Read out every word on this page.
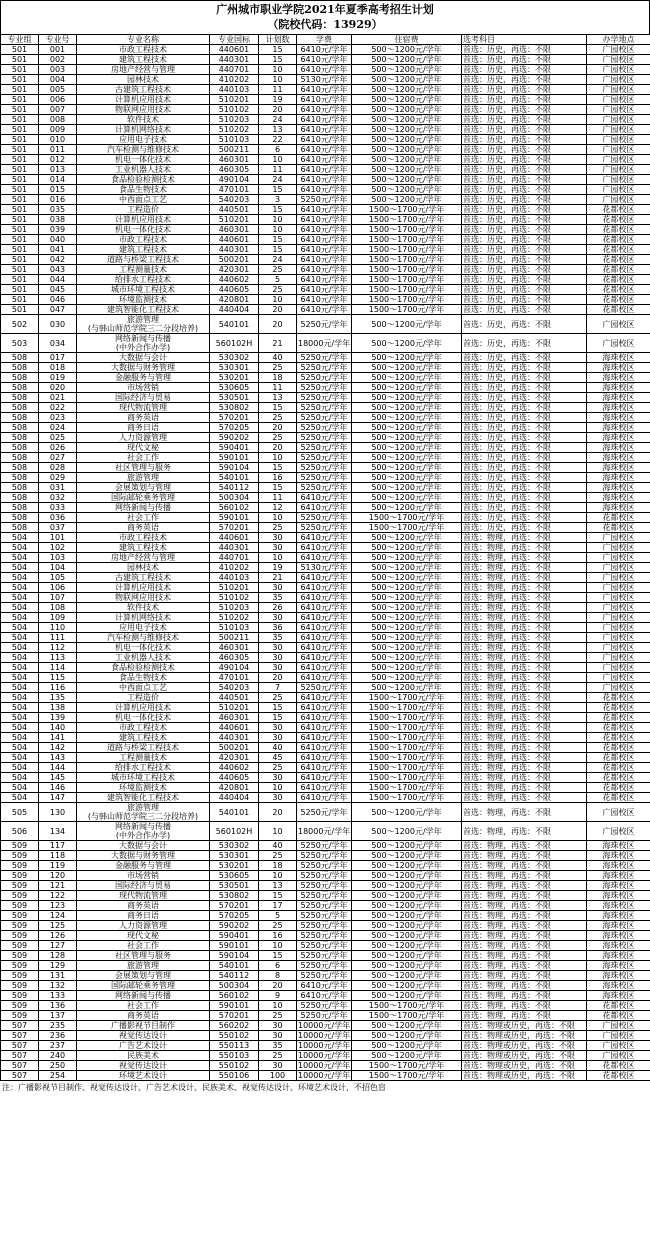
广州城市职业学院2021年夏季高考招生计划
（院校代码：13929）
专业组	专业号	专业名称	专业国标	计划数	学费	住宿费	选考科目	办学地点
501	001	市政工程技术	440601	15	6410元/学年	500～1200元/学年	首选：历史，再选：不限	广园校区
501	002	建筑工程技术	440301	15	6410元/学年	500～1200元/学年	首选：历史，再选：不限	广园校区
501	003	房地产经营与管理	440701	10	6410元/学年	500～1200元/学年	首选：历史，再选：不限	广园校区
501	004	园林技术	410202	10	5130元/学年	500～1200元/学年	首选：历史，再选：不限	广园校区
501	005	古建筑工程技术	440103	11	6410元/学年	500～1200元/学年	首选：历史，再选：不限	广园校区
501	006	计算机应用技术	510201	19	6410元/学年	500～1200元/学年	首选：历史，再选：不限	广园校区
501	007	物联网应用技术	510102	20	6410元/学年	500～1200元/学年	首选：历史，再选：不限	广园校区
501	008	软件技术	510203	24	6410元/学年	500～1200元/学年	首选：历史，再选：不限	广园校区
501	009	计算机网络技术	510202	13	6410元/学年	500～1200元/学年	首选：历史，再选：不限	广园校区
501	010	应用电子技术	510103	22	6410元/学年	500～1200元/学年	首选：历史，再选：不限	广园校区
501	011	汽车检测与维修技术	500211	6	6410元/学年	500～1200元/学年	首选：历史，再选：不限	广园校区
501	012	机电一体化技术	460301	10	6410元/学年	500～1200元/学年	首选：历史，再选：不限	广园校区
501	013	工业机器人技术	460305	11	6410元/学年	500～1200元/学年	首选：历史，再选：不限	广园校区
501	014	食品检验检测技术	490104	24	6410元/学年	500～1200元/学年	首选：历史，再选：不限	广园校区
501	015	食品生物技术	470101	15	6410元/学年	500～1200元/学年	首选：历史，再选：不限	广园校区
501	016	中西面点工艺	540203	3	5250元/学年	500～1200元/学年	首选：历史，再选：不限	广园校区
501	035	工程造价	440501	15	6410元/学年	1500～1700元/学年	首选：历史，再选：不限	花都校区
501	038	计算机应用技术	510201	10	6410元/学年	1500～1700元/学年	首选：历史，再选：不限	花都校区
501	039	机电一体化技术	460301	10	6410元/学年	1500～1700元/学年	首选：历史，再选：不限	花都校区
501	040	市政工程技术	440601	15	6410元/学年	1500～1700元/学年	首选：历史，再选：不限	花都校区
501	041	建筑工程技术	440301	15	6410元/学年	1500～1700元/学年	首选：历史，再选：不限	花都校区
501	042	道路与桥梁工程技术	500201	24	6410元/学年	1500～1700元/学年	首选：历史，再选：不限	花都校区
501	043	工程测量技术	420301	25	6410元/学年	1500～1700元/学年	首选：历史，再选：不限	花都校区
501	044	给排水工程技术	440602	5	6410元/学年	1500～1700元/学年	首选：历史，再选：不限	花都校区
501	045	城市环境工程技术	440605	25	6410元/学年	1500～1700元/学年	首选：历史，再选：不限	花都校区
501	046	环境监测技术	420801	10	6410元/学年	1500～1700元/学年	首选：历史，再选：不限	花都校区
501	047	建筑智能化工程技术	440404	20	6410元/学年	1500～1700元/学年	首选：历史，再选：不限	花都校区
502	030	旅游管理
(与韩山师范学院三二分段培养)	540101	20	5250元/学年	500～1200元/学年	首选：历史，再选：不限	广园校区
503	034	网络新闻与传播
(中外合作办学)	560102H	21	18000元/学年	500～1200元/学年	首选：历史，再选：不限	广园校区
508	017	大数据与会计	530302	40	5250元/学年	500～1200元/学年	首选：历史，再选：不限	海珠校区
508	018	大数据与财务管理	530301	25	5250元/学年	500～1200元/学年	首选：历史，再选：不限	海珠校区
508	019	金融服务与管理	530201	18	5250元/学年	500～1200元/学年	首选：历史，再选：不限	海珠校区
508	020	市场营销	530605	11	5250元/学年	500～1200元/学年	首选：历史，再选：不限	海珠校区
508	021	国际经济与贸易	530501	13	5250元/学年	500～1200元/学年	首选：历史，再选：不限	海珠校区
508	022	现代物流管理	530802	15	5250元/学年	500～1200元/学年	首选：历史，再选：不限	海珠校区
508	023	商务英语	570201	25	5250元/学年	500～1200元/学年	首选：历史，再选：不限	海珠校区
508	024	商务日语	570205	20	5250元/学年	500～1200元/学年	首选：历史，再选：不限	海珠校区
508	025	人力资源管理	590202	25	5250元/学年	500～1200元/学年	首选：历史，再选：不限	海珠校区
508	026	现代文秘	590401	20	5250元/学年	500～1200元/学年	首选：历史，再选：不限	海珠校区
508	027	社会工作	590101	10	5250元/学年	500～1200元/学年	首选：历史，再选：不限	海珠校区
508	028	社区管理与服务	590104	15	5250元/学年	500～1200元/学年	首选：历史，再选：不限	海珠校区
508	029	旅游管理	540101	16	5250元/学年	500～1200元/学年	首选：历史，再选：不限	海珠校区
508	031	会展策划与管理	540112	15	5250元/学年	500～1200元/学年	首选：历史，再选：不限	海珠校区
508	032	国际邮轮乘务管理	500304	11	6410元/学年	500～1200元/学年	首选：历史，再选：不限	海珠校区
508	033	网络新闻与传播	560102	12	6410元/学年	500～1200元/学年	首选：历史，再选：不限	海珠校区
508	036	社会工作	590101	10	5250元/学年	1500～1700元/学年	首选：历史，再选：不限	花都校区
508	037	商务英语	570201	25	5250元/学年	1500～1700元/学年	首选：历史，再选：不限	花都校区
504	101	市政工程技术	440601	30	6410元/学年	500～1200元/学年	首选：物理，再选：不限	广园校区
504	102	建筑工程技术	440301	30	6410元/学年	500～1200元/学年	首选：物理，再选：不限	广园校区
504	103	房地产经营与管理	440701	10	6410元/学年	500～1200元/学年	首选：物理，再选：不限	广园校区
504	104	园林技术	410202	19	5130元/学年	500～1200元/学年	首选：物理，再选：不限	广园校区
504	105	古建筑工程技术	440103	21	6410元/学年	500～1200元/学年	首选：物理，再选：不限	广园校区
504	106	计算机应用技术	510201	30	6410元/学年	500～1200元/学年	首选：物理，再选：不限	广园校区
504	107	物联网应用技术	510102	35	6410元/学年	500～1200元/学年	首选：物理，再选：不限	广园校区
504	108	软件技术	510203	26	6410元/学年	500～1200元/学年	首选：物理，再选：不限	广园校区
504	109	计算机网络技术	510202	30	6410元/学年	500～1200元/学年	首选：物理，再选：不限	广园校区
504	110	应用电子技术	510103	36	6410元/学年	500～1200元/学年	首选：物理，再选：不限	广园校区
504	111	汽车检测与维修技术	500211	35	6410元/学年	500～1200元/学年	首选：物理，再选：不限	广园校区
504	112	机电一体化技术	460301	30	6410元/学年	500～1200元/学年	首选：物理，再选：不限	广园校区
504	113	工业机器人技术	460305	30	6410元/学年	500～1200元/学年	首选：物理，再选：不限	广园校区
504	114	食品检验检测技术	490104	30	6410元/学年	500～1200元/学年	首选：物理，再选：不限	广园校区
504	115	食品生物技术	470101	20	6410元/学年	500～1200元/学年	首选：物理，再选：不限	广园校区
504	116	中西面点工艺	540203	7	5250元/学年	500～1200元/学年	首选：物理，再选：不限	广园校区
504	135	工程造价	440501	25	6410元/学年	1500～1700元/学年	首选：物理，再选：不限	花都校区
504	138	计算机应用技术	510201	15	6410元/学年	1500～1700元/学年	首选：物理，再选：不限	花都校区
504	139	机电一体化技术	460301	15	6410元/学年	1500～1700元/学年	首选：物理，再选：不限	花都校区
504	140	市政工程技术	440601	30	6410元/学年	1500～1700元/学年	首选：物理，再选：不限	花都校区
504	141	建筑工程技术	440301	30	6410元/学年	1500～1700元/学年	首选：物理，再选：不限	花都校区
504	142	道路与桥梁工程技术	500201	40	6410元/学年	1500～1700元/学年	首选：物理，再选：不限	花都校区
504	143	工程测量技术	420301	45	6410元/学年	1500～1700元/学年	首选：物理，再选：不限	花都校区
504	144	给排水工程技术	440602	25	6410元/学年	1500～1700元/学年	首选：物理，再选：不限	花都校区
504	145	城市环境工程技术	440605	30	6410元/学年	1500～1700元/学年	首选：物理，再选：不限	花都校区
504	146	环境监测技术	420801	10	6410元/学年	1500～1700元/学年	首选：物理，再选：不限	花都校区
504	147	建筑智能化工程技术	440404	30	6410元/学年	1500～1700元/学年	首选：物理，再选：不限	花都校区
505	130	旅游管理
(与韩山师范学院三二分段培养)	540101	20	5250元/学年	500～1200元/学年	首选：物理，再选：不限	广园校区
506	134	网络新闻与传播
(中外合作办学)	560102H	10	18000元/学年	500～1200元/学年	首选：物理，再选：不限	广园校区
509	117	大数据与会计	530302	40	5250元/学年	500～1200元/学年	首选：物理，再选：不限	海珠校区
509	118	大数据与财务管理	530301	25	5250元/学年	500～1200元/学年	首选：物理，再选：不限	海珠校区
509	119	金融服务与管理	530201	18	5250元/学年	500～1200元/学年	首选：物理，再选：不限	海珠校区
509	120	市场营销	530605	10	5250元/学年	500～1200元/学年	首选：物理，再选：不限	海珠校区
509	121	国际经济与贸易	530501	13	5250元/学年	500～1200元/学年	首选：物理，再选：不限	海珠校区
509	122	现代物流管理	530802	15	5250元/学年	500～1200元/学年	首选：物理，再选：不限	海珠校区
509	123	商务英语	570201	17	5250元/学年	500～1200元/学年	首选：物理，再选：不限	海珠校区
509	124	商务日语	570205	5	5250元/学年	500～1200元/学年	首选：物理，再选：不限	海珠校区
509	125	人力资源管理	590202	25	5250元/学年	500～1200元/学年	首选：物理，再选：不限	海珠校区
509	126	现代文秘	590401	16	5250元/学年	500～1200元/学年	首选：物理，再选：不限	海珠校区
509	127	社会工作	590101	10	5250元/学年	500～1200元/学年	首选：物理，再选：不限	海珠校区
509	128	社区管理与服务	590104	15	5250元/学年	500～1200元/学年	首选：物理，再选：不限	海珠校区
509	129	旅游管理	540101	6	5250元/学年	500～1200元/学年	首选：物理，再选：不限	海珠校区
509	131	会展策划与管理	540112	8	5250元/学年	500～1200元/学年	首选：物理，再选：不限	海珠校区
509	132	国际邮轮乘务管理	500304	20	6410元/学年	500～1200元/学年	首选：物理，再选：不限	海珠校区
509	133	网络新闻与传播	560102	9	6410元/学年	500～1200元/学年	首选：物理，再选：不限	海珠校区
509	136	社会工作	590101	10	5250元/学年	1500～1700元/学年	首选：物理，再选：不限	花都校区
509	137	商务英语	570201	25	5250元/学年	1500～1700元/学年	首选：物理，再选：不限	花都校区
507	235	广播影视节目制作	560202	30	10000元/学年	500～1200元/学年	首选：物理或历史，再选：不限	广园校区
507	236	视觉传达设计	550102	30	10000元/学年	500～1200元/学年	首选：物理或历史，再选：不限	广园校区
507	237	广告艺术设计	550113	35	10000元/学年	500～1200元/学年	首选：物理或历史，再选：不限	广园校区
507	240	民族美术	550103	25	10000元/学年	500～1200元/学年	首选：物理或历史，再选：不限	广园校区
507	250	视觉传达设计	550102	30	10000元/学年	1500～1700元/学年	首选：物理或历史，再选：不限	花都校区
507	254	环境艺术设计	550106	100	10000元/学年	1500～1700元/学年	首选：物理或历史，再选：不限	花都校区
注：广播影视节目制作、视觉传达设计、广告艺术设计、民族美术、视觉传达设计、环境艺术设计，不招色盲
